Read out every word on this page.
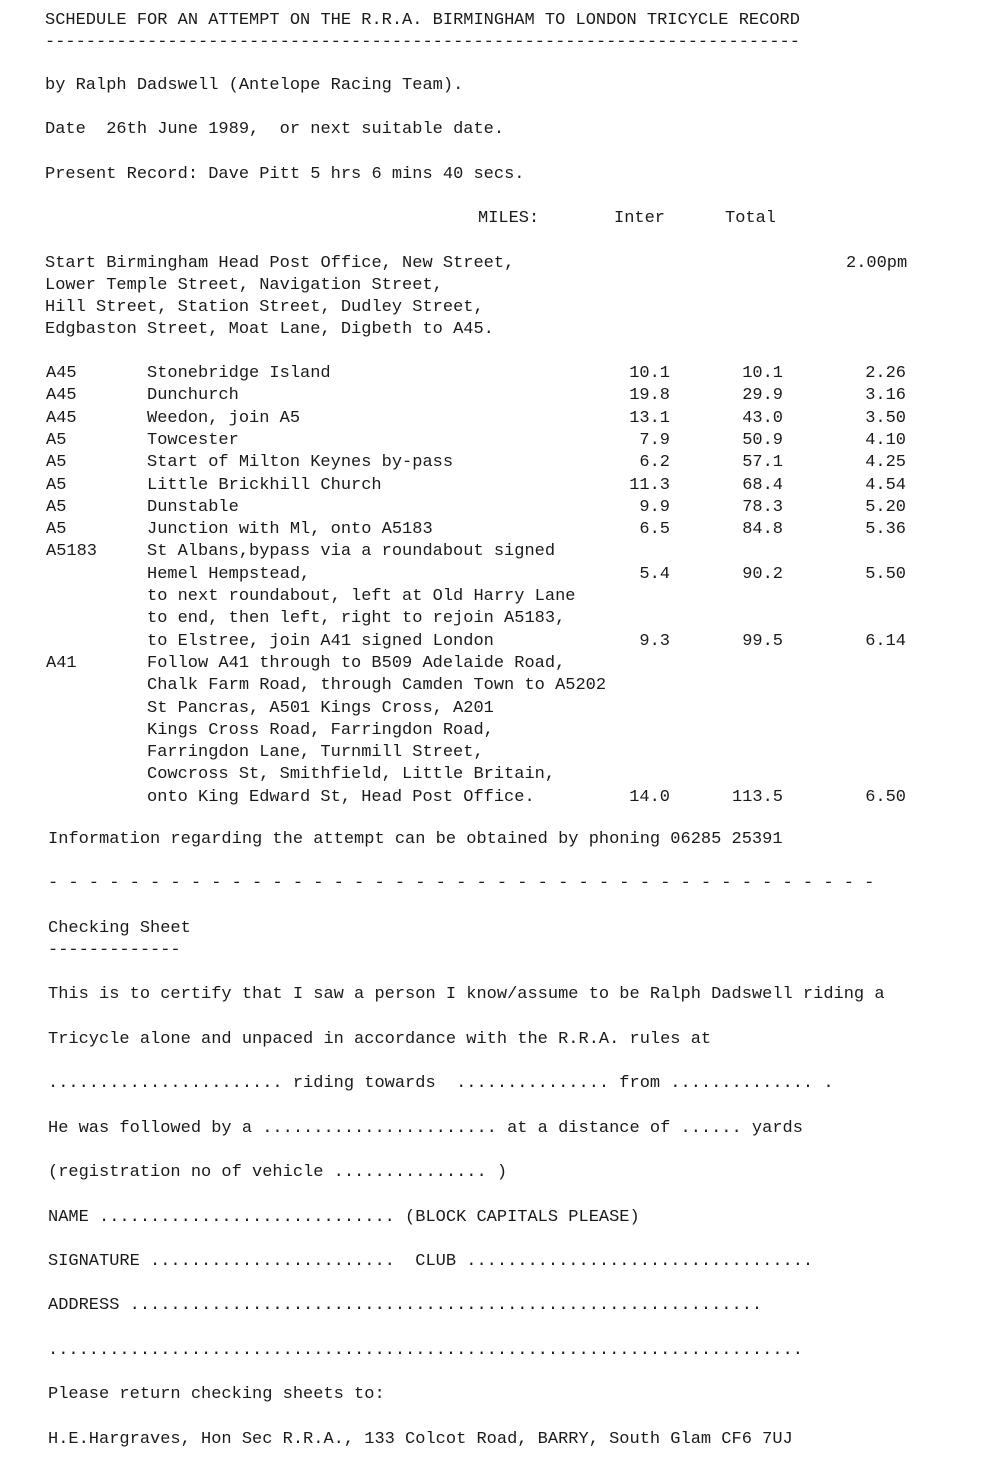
SCHEDULE FOR AN ATTEMPT ON THE R.R.A. BIRMINGHAM TO LONDON TRICYCLE RECORD
--------------------------------------------------------------------------
by Ralph Dadswell (Antelope Racing Team).
Date  26th June 1989,  or next suitable date.
Present Record: Dave Pitt 5 hrs 6 mins 40 secs.
MILES:	Inter	Total
Start Birmingham Head Post Office, New Street,
Lower Temple Street, Navigation Street,
Hill Street, Station Street, Dudley Street,
Edgbaston Street, Moat Lane, Digbeth to A45.
2.00pm
A45	Stonebridge Island	10.1	10.1	2.26
A45	Dunchurch	19.8	29.9	3.16
A45	Weedon, join A5	13.1	43.0	3.50
A5	Towcester	7.9	50.9	4.10
A5	Start of Milton Keynes by-pass	6.2	57.1	4.25
A5	Little Brickhill Church	11.3	68.4	4.54
A5	Dunstable	9.9	78.3	5.20
A5	Junction with Ml, onto A5183	6.5	84.8	5.36
A5183	St Albans,bypass via a roundabout signed
Hemel Hempstead,	5.4	90.2	5.50
to next roundabout, left at Old Harry Lane
to end, then left, right to rejoin A5183,
to Elstree, join A41 signed London	9.3	99.5	6.14
A41	Follow A41 through to B509 Adelaide Road,
Chalk Farm Road, through Camden Town to A5202
St Pancras, A501 Kings Cross, A201
Kings Cross Road, Farringdon Road,
Farringdon Lane, Turnmill Street,
Cowcross St, Smithfield, Little Britain,
onto King Edward St, Head Post Office.	14.0	113.5	6.50
Information regarding the attempt can be obtained by phoning 06285 25391
- - - - - - - - - - - - - - - - - - - - - - - - - - - - - - - - - - - - - - - - -
Checking Sheet
-------------
This is to certify that I saw a person I know/assume to be Ralph Dadswell riding a
Tricycle alone and unpaced in accordance with the R.R.A. rules at
....................... riding towards  ............... from .............. .
He was followed by a ....................... at a distance of ...... yards
(registration no of vehicle ............... )
NAME ............................. (BLOCK CAPITALS PLEASE)
SIGNATURE ........................  CLUB ..................................
ADDRESS ..............................................................
..........................................................................
Please return checking sheets to:
H.E.Hargraves, Hon Sec R.R.A., 133 Colcot Road, BARRY, South Glam CF6 7UJ
